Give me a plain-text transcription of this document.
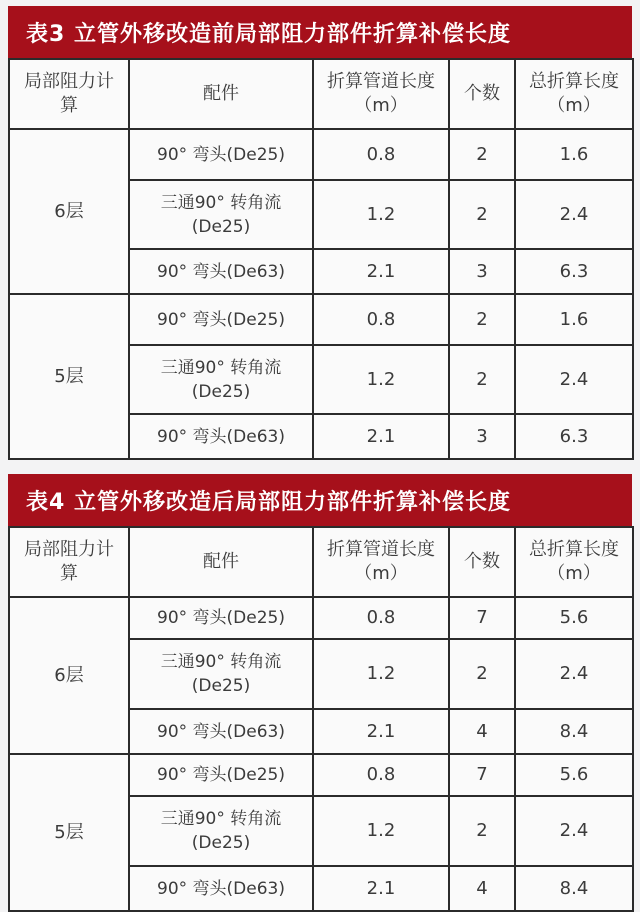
表3 立管外移改造前局部阻力部件折算补偿长度
局部阻力计算	配件	折算管道长度（m）	个数	总折算长度（m）
6层	90° 弯头(De25)	0.8	2	1.6
	三通90° 转角流(De25)	1.2	2	2.4
	90° 弯头(De63)	2.1	3	6.3
5层	90° 弯头(De25)	0.8	2	1.6
	三通90° 转角流(De25)	1.2	2	2.4
	90° 弯头(De63)	2.1	3	6.3
表4 立管外移改造后局部阻力部件折算补偿长度
局部阻力计算	配件	折算管道长度（m）	个数	总折算长度（m）
6层	90° 弯头(De25)	0.8	7	5.6
	三通90° 转角流(De25)	1.2	2	2.4
	90° 弯头(De63)	2.1	4	8.4
5层	90° 弯头(De25)	0.8	7	5.6
	三通90° 转角流(De25)	1.2	2	2.4
	90° 弯头(De63)	2.1	4	8.4
